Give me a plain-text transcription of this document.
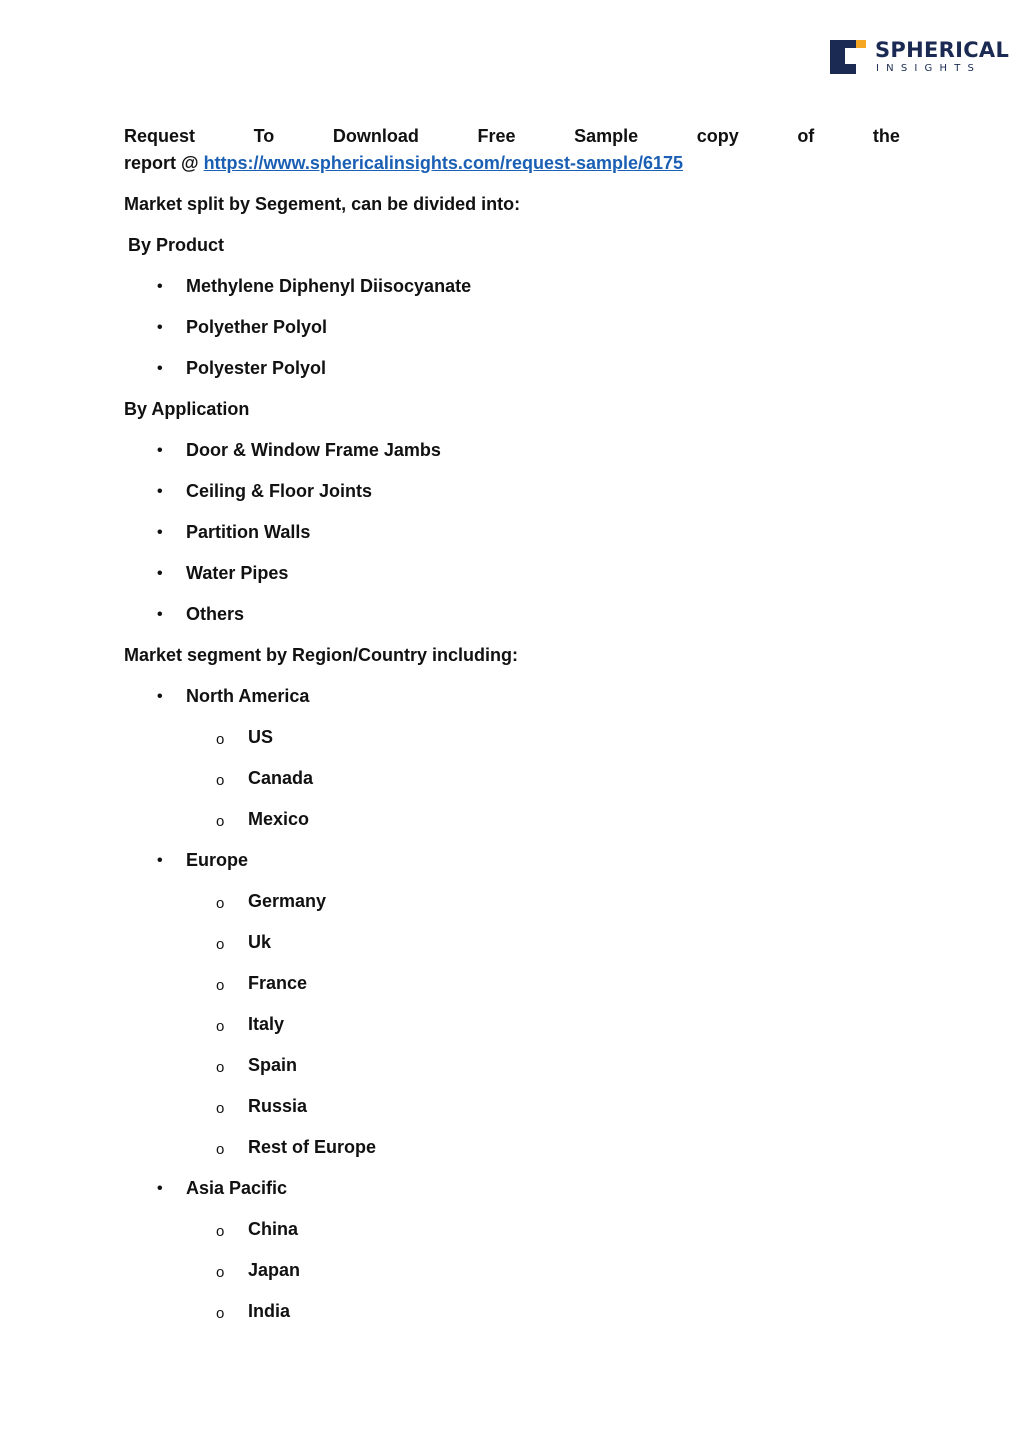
SPHERICAL
INSIGHTS
Request	To	Download	Free	Sample	copy	of	the
report @ https://www.sphericalinsights.com/request-sample/6175
Market split by Segement, can be divided into:
By Product
• Methylene Diphenyl Diisocyanate
• Polyether Polyol
• Polyester Polyol
By Application
• Door & Window Frame Jambs
• Ceiling & Floor Joints
• Partition Walls
• Water Pipes
• Others
Market segment by Region/Country including:
• North America
o US
o Canada
o Mexico
• Europe
o Germany
o Uk
o France
o Italy
o Spain
o Russia
o Rest of Europe
• Asia Pacific
o China
o Japan
o India
